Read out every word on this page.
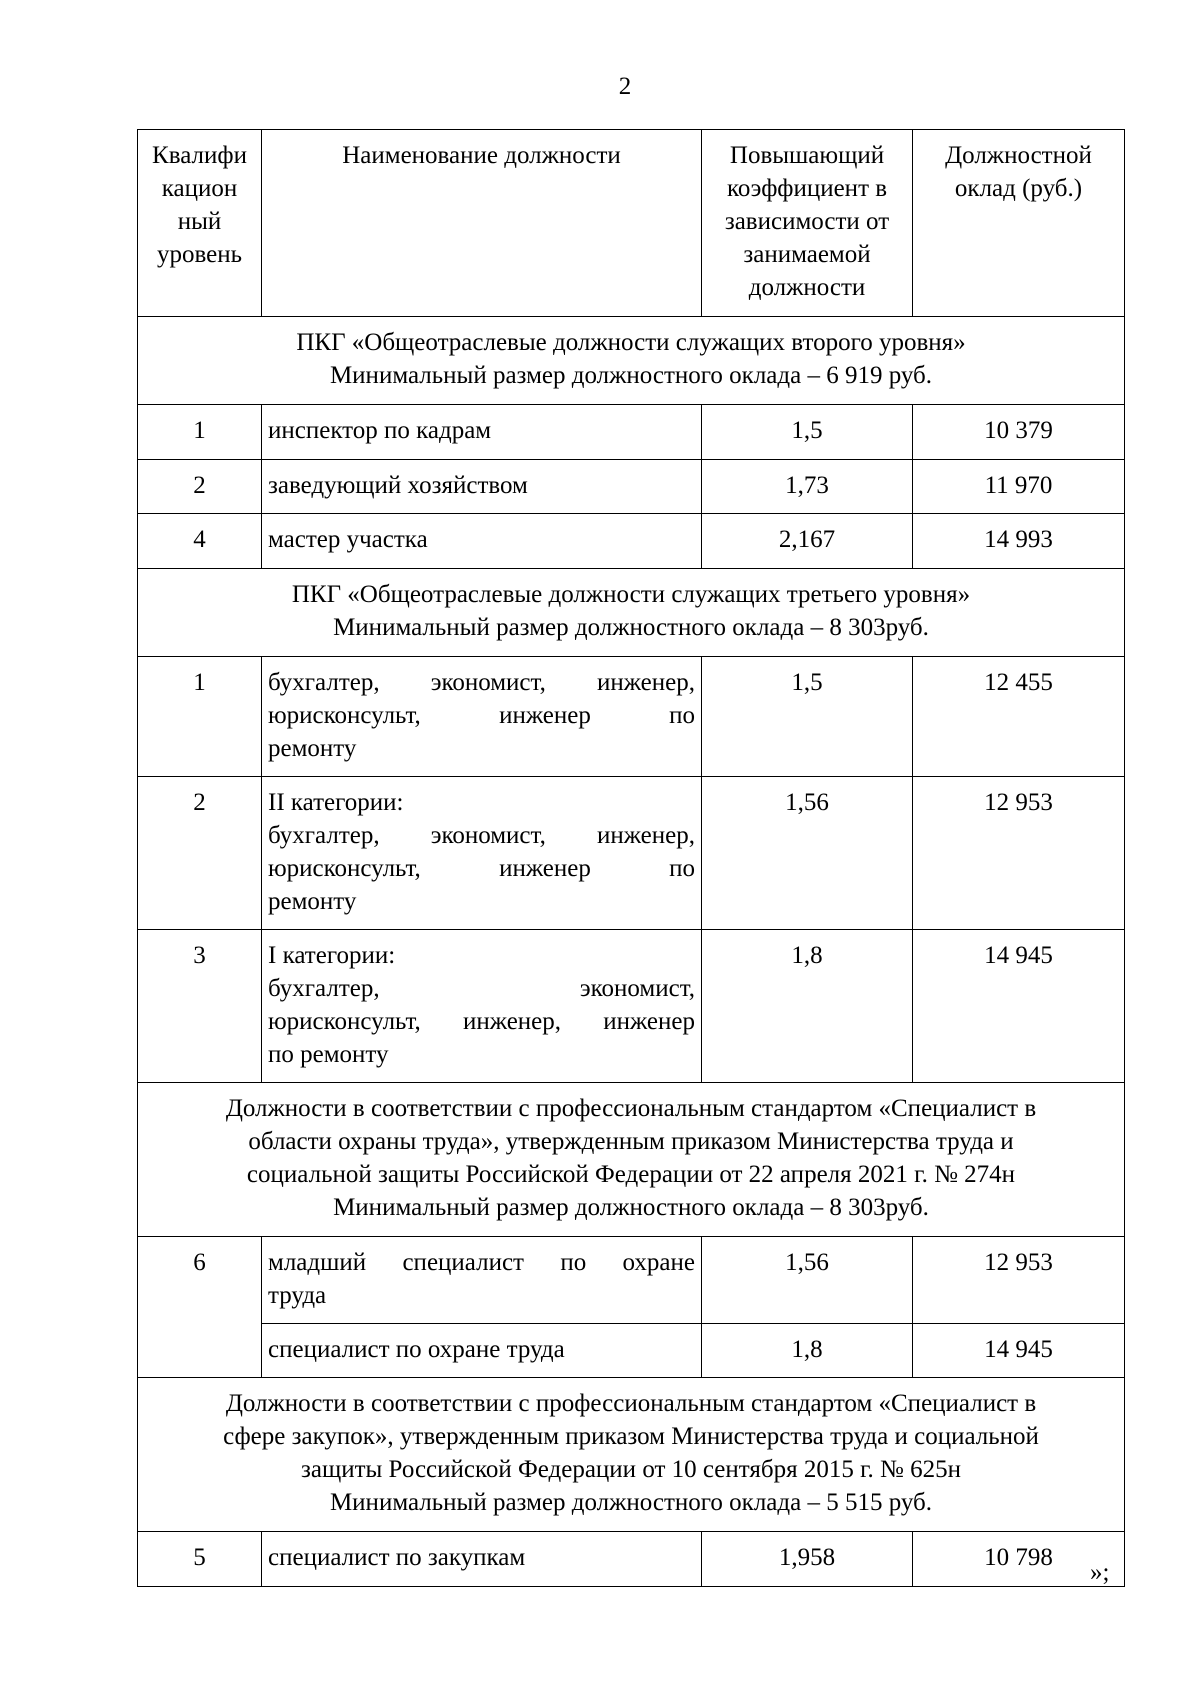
2
Квалифи кацион ный уровень	Наименование должности	Повышающий коэффициент в зависимости от занимаемой должности	Должностной оклад (руб.)

ПКГ «Общеотраслевые должности служащих второго уровня»
Минимальный размер должностного оклада – 6 919 руб.			

1	инспектор по кадрам	1,5	10 379
2	заведующий хозяйством	1,73	11 970
4	мастер участка	2,167	14 993

ПКГ «Общеотраслевые должности служащих третьего уровня»
Минимальный размер должностного оклада – 8 303руб.			

1	бухгалтер, экономист, инженер,
юрисконсульт, инженер по
ремонту	1,5	12 455
2	II категории:
бухгалтер, экономист, инженер,
юрисконсульт, инженер по
ремонту	1,56	12 953
3	I категории:
бухгалтер, экономист,
юрисконсульт, инженер, инженер
по ремонту	1,8	14 945

Должности в соответствии с профессиональным стандартом «Специалист в
области охраны труда», утвержденным приказом Министерства труда и
социальной защиты Российской Федерации от 22 апреля 2021 г. № 274н
Минимальный размер должностного оклада – 8 303руб.			

6	младший специалист по охране
труда	1,56	12 953

	специалист по охране труда	1,8	14 945

Должности в соответствии с профессиональным стандартом «Специалист в
сфере закупок», утвержденным приказом Министерства труда и социальной
защиты Российской Федерации от 10 сентября 2015 г. № 625н
Минимальный размер должностного оклада – 5 515 руб.			

5	специалист по закупкам	1,958	10 798
»;
